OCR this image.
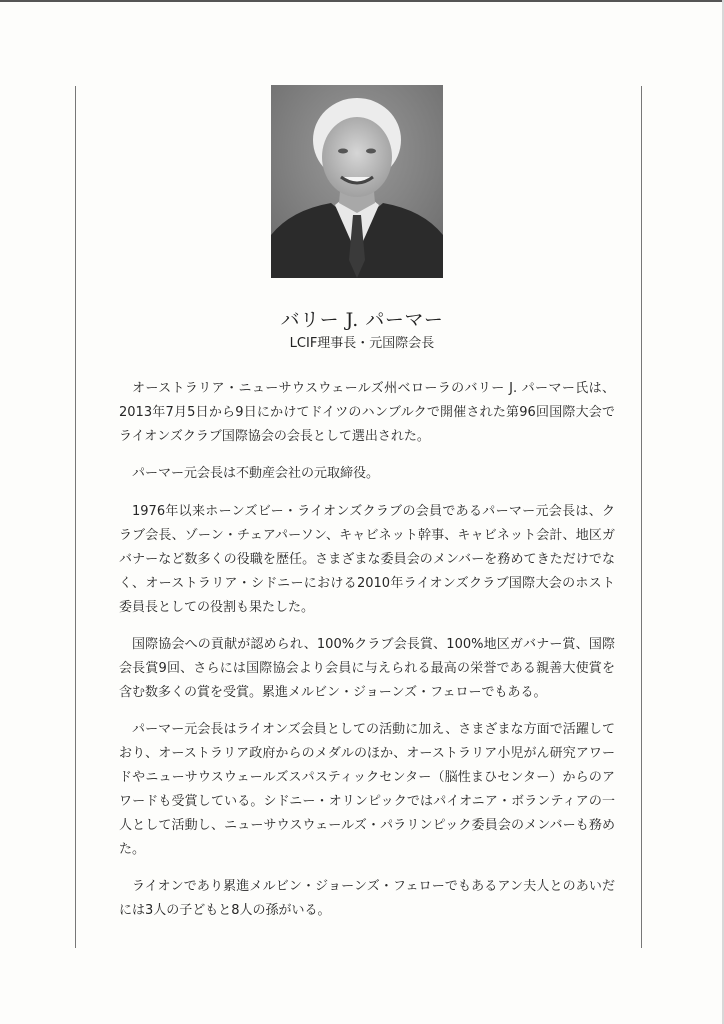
バリー J. パーマー
LCIF理事長・元国際会長

オーストラリア・ニューサウスウェールズ州ベローラのバリー J. パーマー氏は、2013年7月5日から9日にかけてドイツのハンブルクで開催された第96回国際大会でライオンズクラブ国際協会の会長として選出された。

パーマー元会長は不動産会社の元取締役。

1976年以来ホーンズビー・ライオンズクラブの会員であるパーマー元会長は、クラブ会長、ゾーン・チェアパーソン、キャビネット幹事、キャビネット会計、地区ガバナーなど数多くの役職を歴任。さまざまな委員会のメンバーを務めてきただけでなく、オーストラリア・シドニーにおける2010年ライオンズクラブ国際大会のホスト委員長としての役割も果たした。

国際協会への貢献が認められ、100%クラブ会長賞、100%地区ガバナー賞、国際会長賞9回、さらには国際協会より会員に与えられる最高の栄誉である親善大使賞を含む数多くの賞を受賞。累進メルビン・ジョーンズ・フェローでもある。

パーマー元会長はライオンズ会員としての活動に加え、さまざまな方面で活躍しており、オーストラリア政府からのメダルのほか、オーストラリア小児がん研究アワードやニューサウスウェールズスパスティックセンター（脳性まひセンター）からのアワードも受賞している。シドニー・オリンピックではパイオニア・ボランティアの一人として活動し、ニューサウスウェールズ・パラリンピック委員会のメンバーも務めた。

ライオンであり累進メルビン・ジョーンズ・フェローでもあるアン夫人とのあいだには3人の子どもと8人の孫がいる。
